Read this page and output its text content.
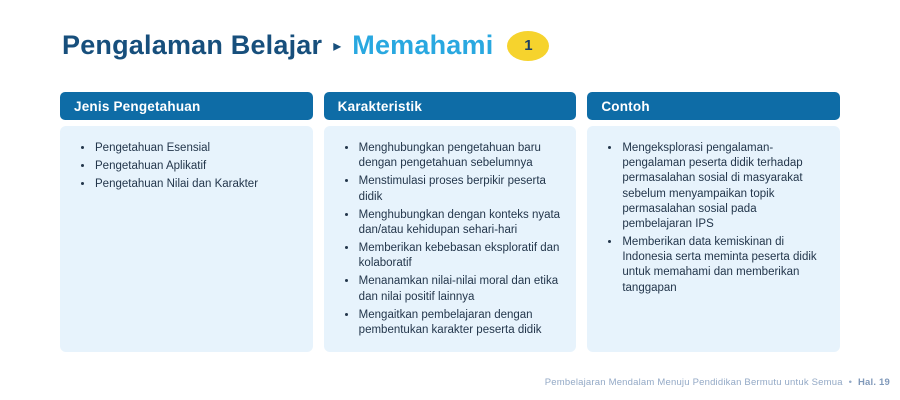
Pengalaman Belajar ▸ Memahami	1
Jenis Pengetahuan
• Pengetahuan Esensial
• Pengetahuan Aplikatif
• Pengetahuan Nilai dan Karakter
Karakteristik
• Menghubungkan pengetahuan baru dengan pengetahuan sebelumnya
• Menstimulasi proses berpikir peserta didik
• Menghubungkan dengan konteks nyata dan/atau kehidupan sehari-hari
• Memberikan kebebasan eksploratif dan kolaboratif
• Menanamkan nilai-nilai moral dan etika dan nilai positif lainnya
• Mengaitkan pembelajaran dengan pembentukan karakter peserta didik
Contoh
• Mengeksplorasi pengalaman-pengalaman peserta didik terhadap permasalahan sosial di masyarakat sebelum menyampaikan topik permasalahan sosial pada pembelajaran IPS
• Memberikan data kemiskinan di Indonesia serta meminta peserta didik untuk memahami dan memberikan tanggapan
Pembelajaran Mendalam Menuju Pendidikan Bermutu untuk Semua • Hal. 19
